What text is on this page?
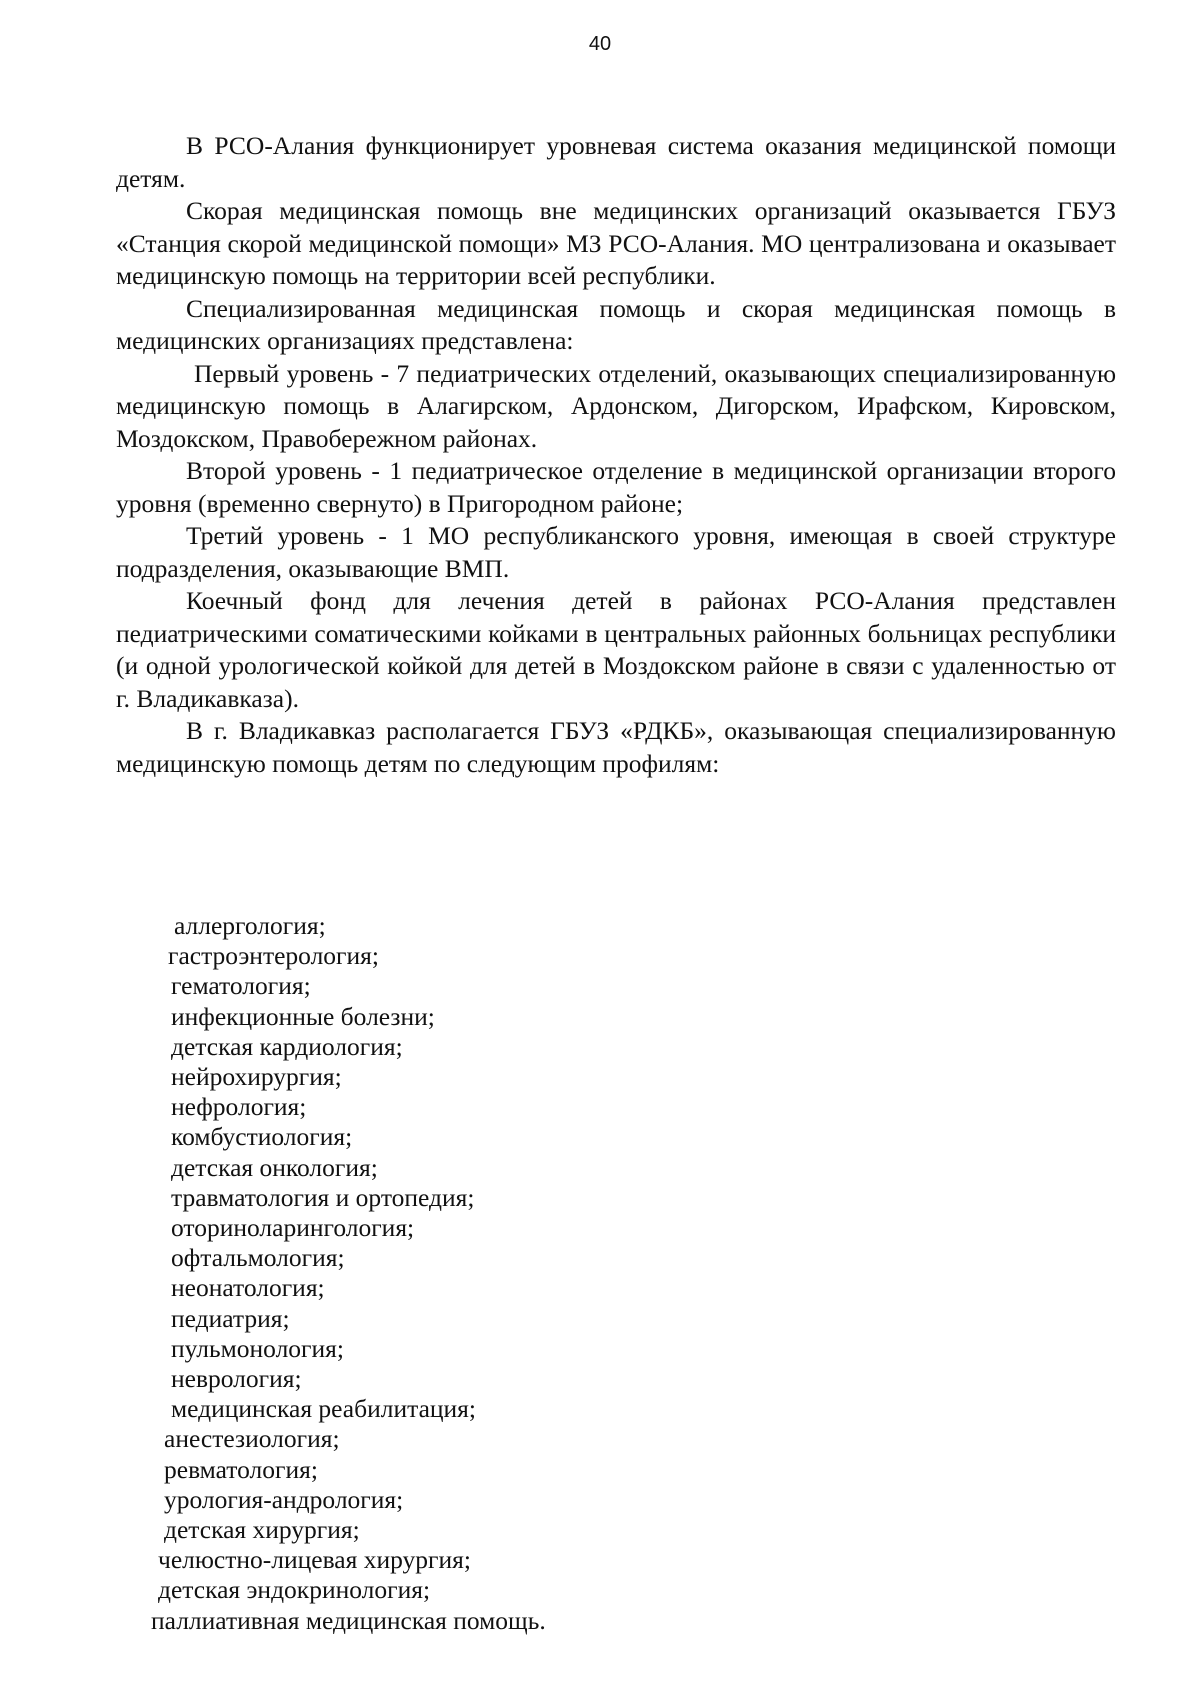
40

В РСО-Алания функционирует уровневая система оказания медицинской помощи детям.

Скорая медицинская помощь вне медицинских организаций оказывается ГБУЗ «Станция скорой медицинской помощи» МЗ РСО-Алания. МО централизована и оказывает медицинскую помощь на территории всей республики.

Специализированная медицинская помощь и скорая медицинская помощь в медицинских организациях представлена:

Первый уровень - 7 педиатрических отделений, оказывающих специализированную медицинскую помощь в Алагирском, Ардонском, Дигорском, Ирафском, Кировском, Моздокском, Правобережном районах.

Второй уровень - 1 педиатрическое отделение в медицинской организации второго уровня (временно свернуто) в Пригородном районе;

Третий уровень - 1 МО республиканского уровня, имеющая в своей структуре подразделения, оказывающие ВМП.

Коечный фонд для лечения детей в районах РСО-Алания представлен педиатрическими соматическими койками в центральных районных больницах республики (и одной урологической койкой для детей в Моздокском районе в связи с удаленностью от г. Владикавказа).

В г. Владикавказ располагается ГБУЗ «РДКБ», оказывающая специализированную медицинскую помощь детям по следующим профилям:

аллергология;
гастроэнтерология;
гематология;
инфекционные болезни;
детская кардиология;
нейрохирургия;
нефрология;
комбустиология;
детская онкология;
травматология и ортопедия;
оториноларингология;
офтальмология;
неонатология;
педиатрия;
пульмонология;
неврология;
медицинская реабилитация;
анестезиология;
ревматология;
урология-андрология;
детская хирургия;
челюстно-лицевая хирургия;
детская эндокринология;
паллиативная медицинская помощь.
